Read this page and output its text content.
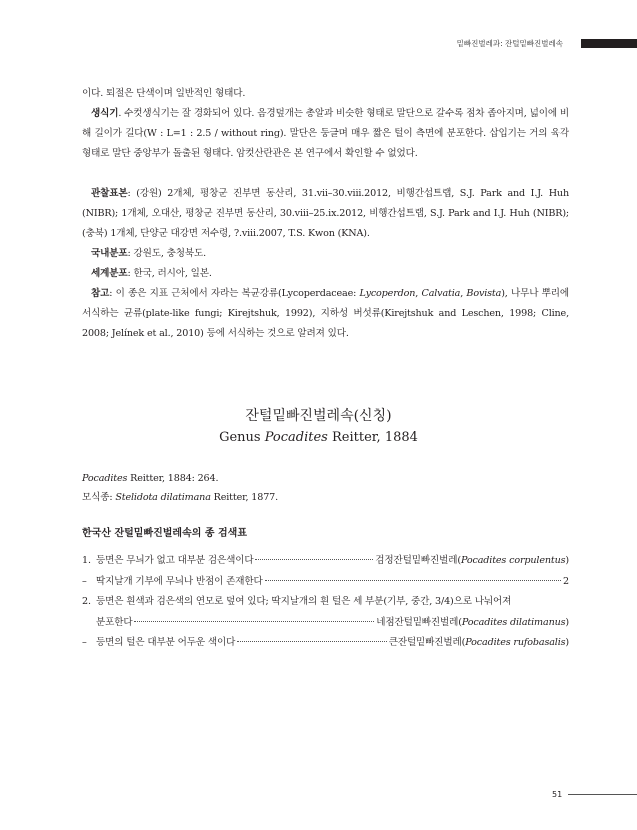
밑빠진벌레과: 잔털밑빠진벌레속

이다. 퇴절은 단색이며 일반적인 형태다.

생식기. 수컷생식기는 잘 경화되어 있다. 음경덮개는 총알과 비슷한 형태로 말단으로 갈수록 점차 좁아지며, 넓이에 비해 길이가 길다(W : L=1 : 2.5 / without ring). 말단은 둥글며 매우 짧은 털이 측면에 분포한다. 삽입기는 거의 육각형태로 말단 중앙부가 돌출된 형태다. 암컷산란관은 본 연구에서 확인할 수 없었다.

관찰표본: (강원) 2개체, 평창군 진부면 동산리, 31.vii–30.viii.2012, 비행간섭트랩, S.J. Park and I.J. Huh (NIBR); 1개체, 오대산, 평창군 진부면 동산리, 30.viii–25.ix.2012, 비행간섭트랩, S.J. Park and I.J. Huh (NIBR); (충북) 1개체, 단양군 대강면 저수령, ?.viii.2007, T.S. Kwon (KNA).

국내분포: 강원도, 충청북도.

세계분포: 한국, 러시아, 일본.

참고: 이 종은 지표 근처에서 자라는 복균강류(Lycoperdaceae: Lycoperdon, Calvatia, Bovista), 나무나 뿌리에 서식하는 균류(plate-like fungi; Kirejtshuk, 1992), 지하성 버섯류(Kirejtshuk and Leschen, 1998; Cline, 2008; Jelínek et al., 2010) 등에 서식하는 것으로 알려져 있다.

잔털밑빠진벌레속(신칭)
Genus Pocadites Reitter, 1884

Pocadites Reitter, 1884: 264.

모식종: Stelidota dilatimana Reitter, 1877.

한국산 잔털밑빠진벌레속의 종 검색표
1. 등면은 무늬가 없고 대부분 검은색이다	검정잔털밑빠진벌레(Pocadites corpulentus)
– 딱지날개 기부에 무늬나 반점이 존재한다	2
2. 등면은 흰색과 검은색의 연모로 덮여 있다; 딱지날개의 흰 털은 세 부분(기부, 중간, 3/4)으로 나눠어져
분포한다	네점잔털밑빠진벌레(Pocadites dilatimanus)
– 등면의 털은 대부분 어두운 색이다	큰잔털밑빠진벌레(Pocadites rufobasalis)
51
